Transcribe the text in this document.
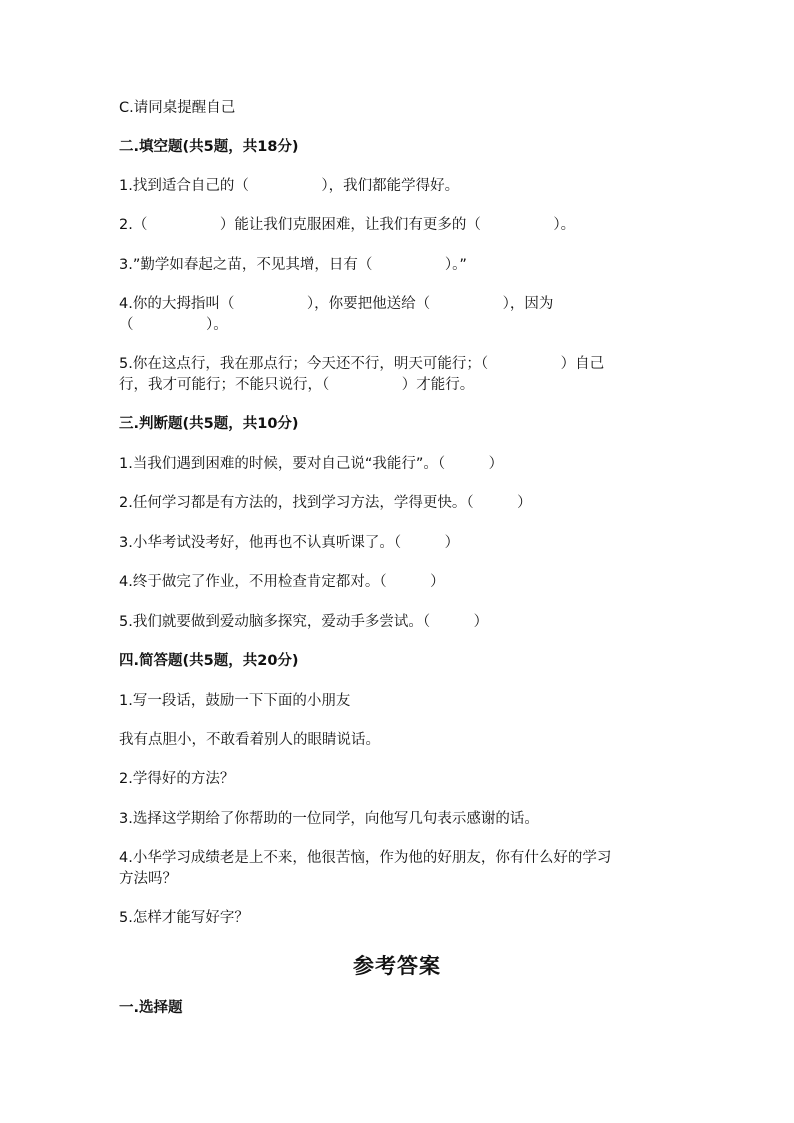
C.请同桌提醒自己
二.填空题(共5题，共18分)
1.找到适合自己的（　　　　　），我们都能学得好。
2.（　　　　　）能让我们克服困难，让我们有更多的（　　　　　）。
3.”勤学如春起之苗，不见其增，日有（　　　　　）。”
4.你的大拇指叫（　　　　　），你要把他送给（　　　　　），因为
（　　　　　）。
5.你在这点行，我在那点行；今天还不行，明天可能行；（　　　　　）自己
行，我才可能行；不能只说行，（　　　　　）才能行。
三.判断题(共5题，共10分)
1.当我们遇到困难的时候，要对自己说“我能行”。（　　　）
2.任何学习都是有方法的，找到学习方法，学得更快。（　　　）
3.小华考试没考好，他再也不认真听课了。（　　　）
4.终于做完了作业，不用检查肯定都对。（　　　）
5.我们就要做到爱动脑多探究，爱动手多尝试。（　　　）
四.简答题(共5题，共20分)
1.写一段话，鼓励一下下面的小朋友
我有点胆小，不敢看着别人的眼睛说话。
2.学得好的方法？
3.选择这学期给了你帮助的一位同学，向他写几句表示感谢的话。
4.小华学习成绩老是上不来，他很苦恼，作为他的好朋友，你有什么好的学习
方法吗？
5.怎样才能写好字？
参考答案
一.选择题
